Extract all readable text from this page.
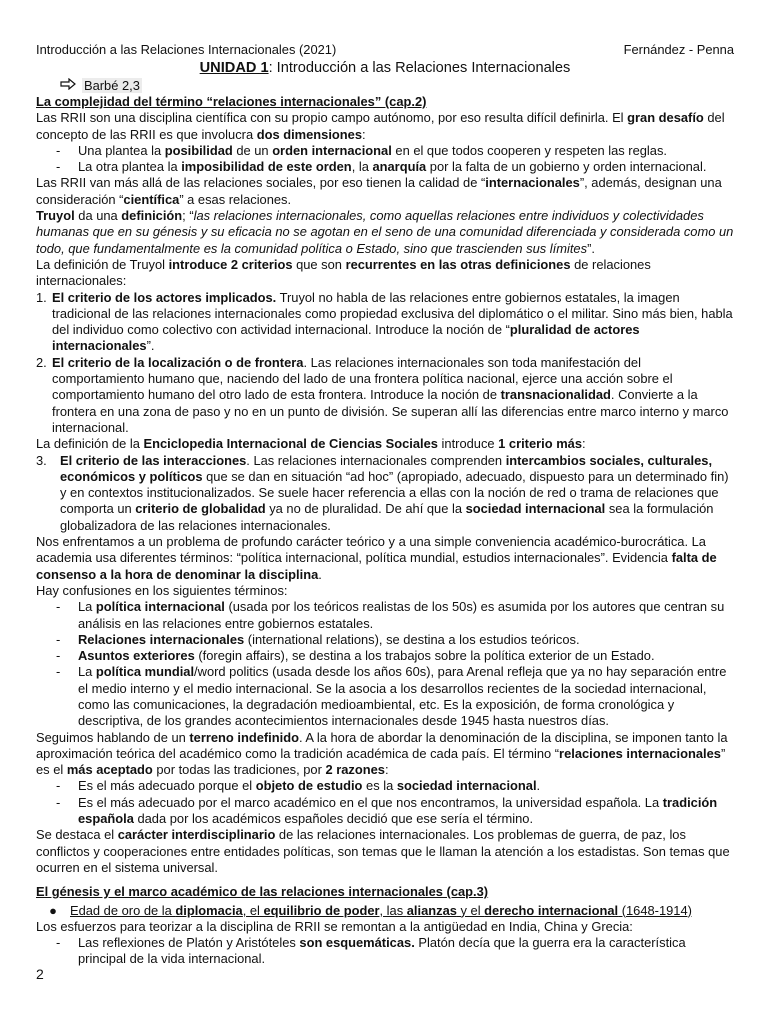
Introducción a las Relaciones Internacionales (2021)	Fernández - Penna
UNIDAD 1: Introducción a las Relaciones Internacionales
Barbé 2,3
La complejidad del término “relaciones internacionales” (cap.2)

Las RRII son una disciplina científica con su propio campo autónomo, por eso resulta difícil definirla. El gran desafío del concepto de las RRII es que involucra dos dimensiones:

-	Una plantea la posibilidad de un orden internacional en el que todos cooperen y respeten las reglas.
-	La otra plantea la imposibilidad de este orden, la anarquía por la falta de un gobierno y orden internacional.

Las RRII van más allá de las relaciones sociales, por eso tienen la calidad de “internacionales”, además, designan una consideración “científica” a esas relaciones.

Truyol da una definición; “las relaciones internacionales, como aquellas relaciones entre individuos y colectividades humanas que en su génesis y su eficacia no se agotan en el seno de una comunidad diferenciada y considerada como un todo, que fundamentalmente es la comunidad política o Estado, sino que trascienden sus límites”.

La definición de Truyol introduce 2 criterios que son recurrentes en las otras definiciones de relaciones internacionales:

1. El criterio de los actores implicados. Truyol no habla de las relaciones entre gobiernos estatales, la imagen tradicional de las relaciones internacionales como propiedad exclusiva del diplomático o el militar. Sino más bien, habla del individuo como colectivo con actividad internacional. Introduce la noción de “pluralidad de actores internacionales”.
2. El criterio de la localización o de frontera. Las relaciones internacionales son toda manifestación del comportamiento humano que, naciendo del lado de una frontera política nacional, ejerce una acción sobre el comportamiento humano del otro lado de esta frontera. Introduce la noción de transnacionalidad. Convierte a la frontera en una zona de paso y no en un punto de división. Se superan allí las diferencias entre marco interno y marco internacional.

La definición de la Enciclopedia Internacional de Ciencias Sociales introduce 1 criterio más:

3.	El criterio de las interacciones. Las relaciones internacionales comprenden intercambios sociales, culturales, económicos y políticos que se dan en situación “ad hoc” (apropiado, adecuado, dispuesto para un determinado fin) y en contextos institucionalizados. Se suele hacer referencia a ellas con la noción de red o trama de relaciones que comporta un criterio de globalidad ya no de pluralidad. De ahí que la sociedad internacional sea la formulación globalizadora de las relaciones internacionales.

Nos enfrentamos a un problema de profundo carácter teórico y a una simple conveniencia académico-burocrática. La academia usa diferentes términos: “política internacional, política mundial, estudios internacionales”. Evidencia falta de consenso a la hora de denominar la disciplina.

Hay confusiones en los siguientes términos:

-	La política internacional (usada por los teóricos realistas de los 50s) es asumida por los autores que centran su análisis en las relaciones entre gobiernos estatales.
-	Relaciones internacionales (international relations), se destina a los estudios teóricos.
-	Asuntos exteriores (foregin affairs), se destina a los trabajos sobre la política exterior de un Estado.
-	La política mundial/word politics (usada desde los años 60s), para Arenal refleja que ya no hay separación entre el medio interno y el medio internacional. Se la asocia a los desarrollos recientes de la sociedad internacional, como las comunicaciones, la degradación medioambiental, etc. Es la exposición, de forma cronológica y descriptiva, de los grandes acontecimientos internacionales desde 1945 hasta nuestros días.

Seguimos hablando de un terreno indefinido. A la hora de abordar la denominación de la disciplina, se imponen tanto la aproximación teórica del académico como la tradición académica de cada país. El término “relaciones internacionales” es el más aceptado por todas las tradiciones, por 2 razones:

-	Es el más adecuado porque el objeto de estudio es la sociedad internacional.
-	Es el más adecuado por el marco académico en el que nos encontramos, la universidad española. La tradición española dada por los académicos españoles decidió que ese sería el término.

Se destaca el carácter interdisciplinario de las relaciones internacionales. Los problemas de guerra, de paz, los conflictos y cooperaciones entre entidades políticas, son temas que le llaman la atención a los estadistas. Son temas que ocurren en el sistema universal.

El génesis y el marco académico de las relaciones internacionales (cap.3)
●	Edad de oro de la diplomacia, el equilibrio de poder, las alianzas y el derecho internacional (1648-1914)

Los esfuerzos para teorizar a la disciplina de RRII se remontan a la antigüedad en India, China y Grecia:

-	Las reflexiones de Platón y Aristóteles son esquemáticas. Platón decía que la guerra era la característica principal de la vida internacional.
2
